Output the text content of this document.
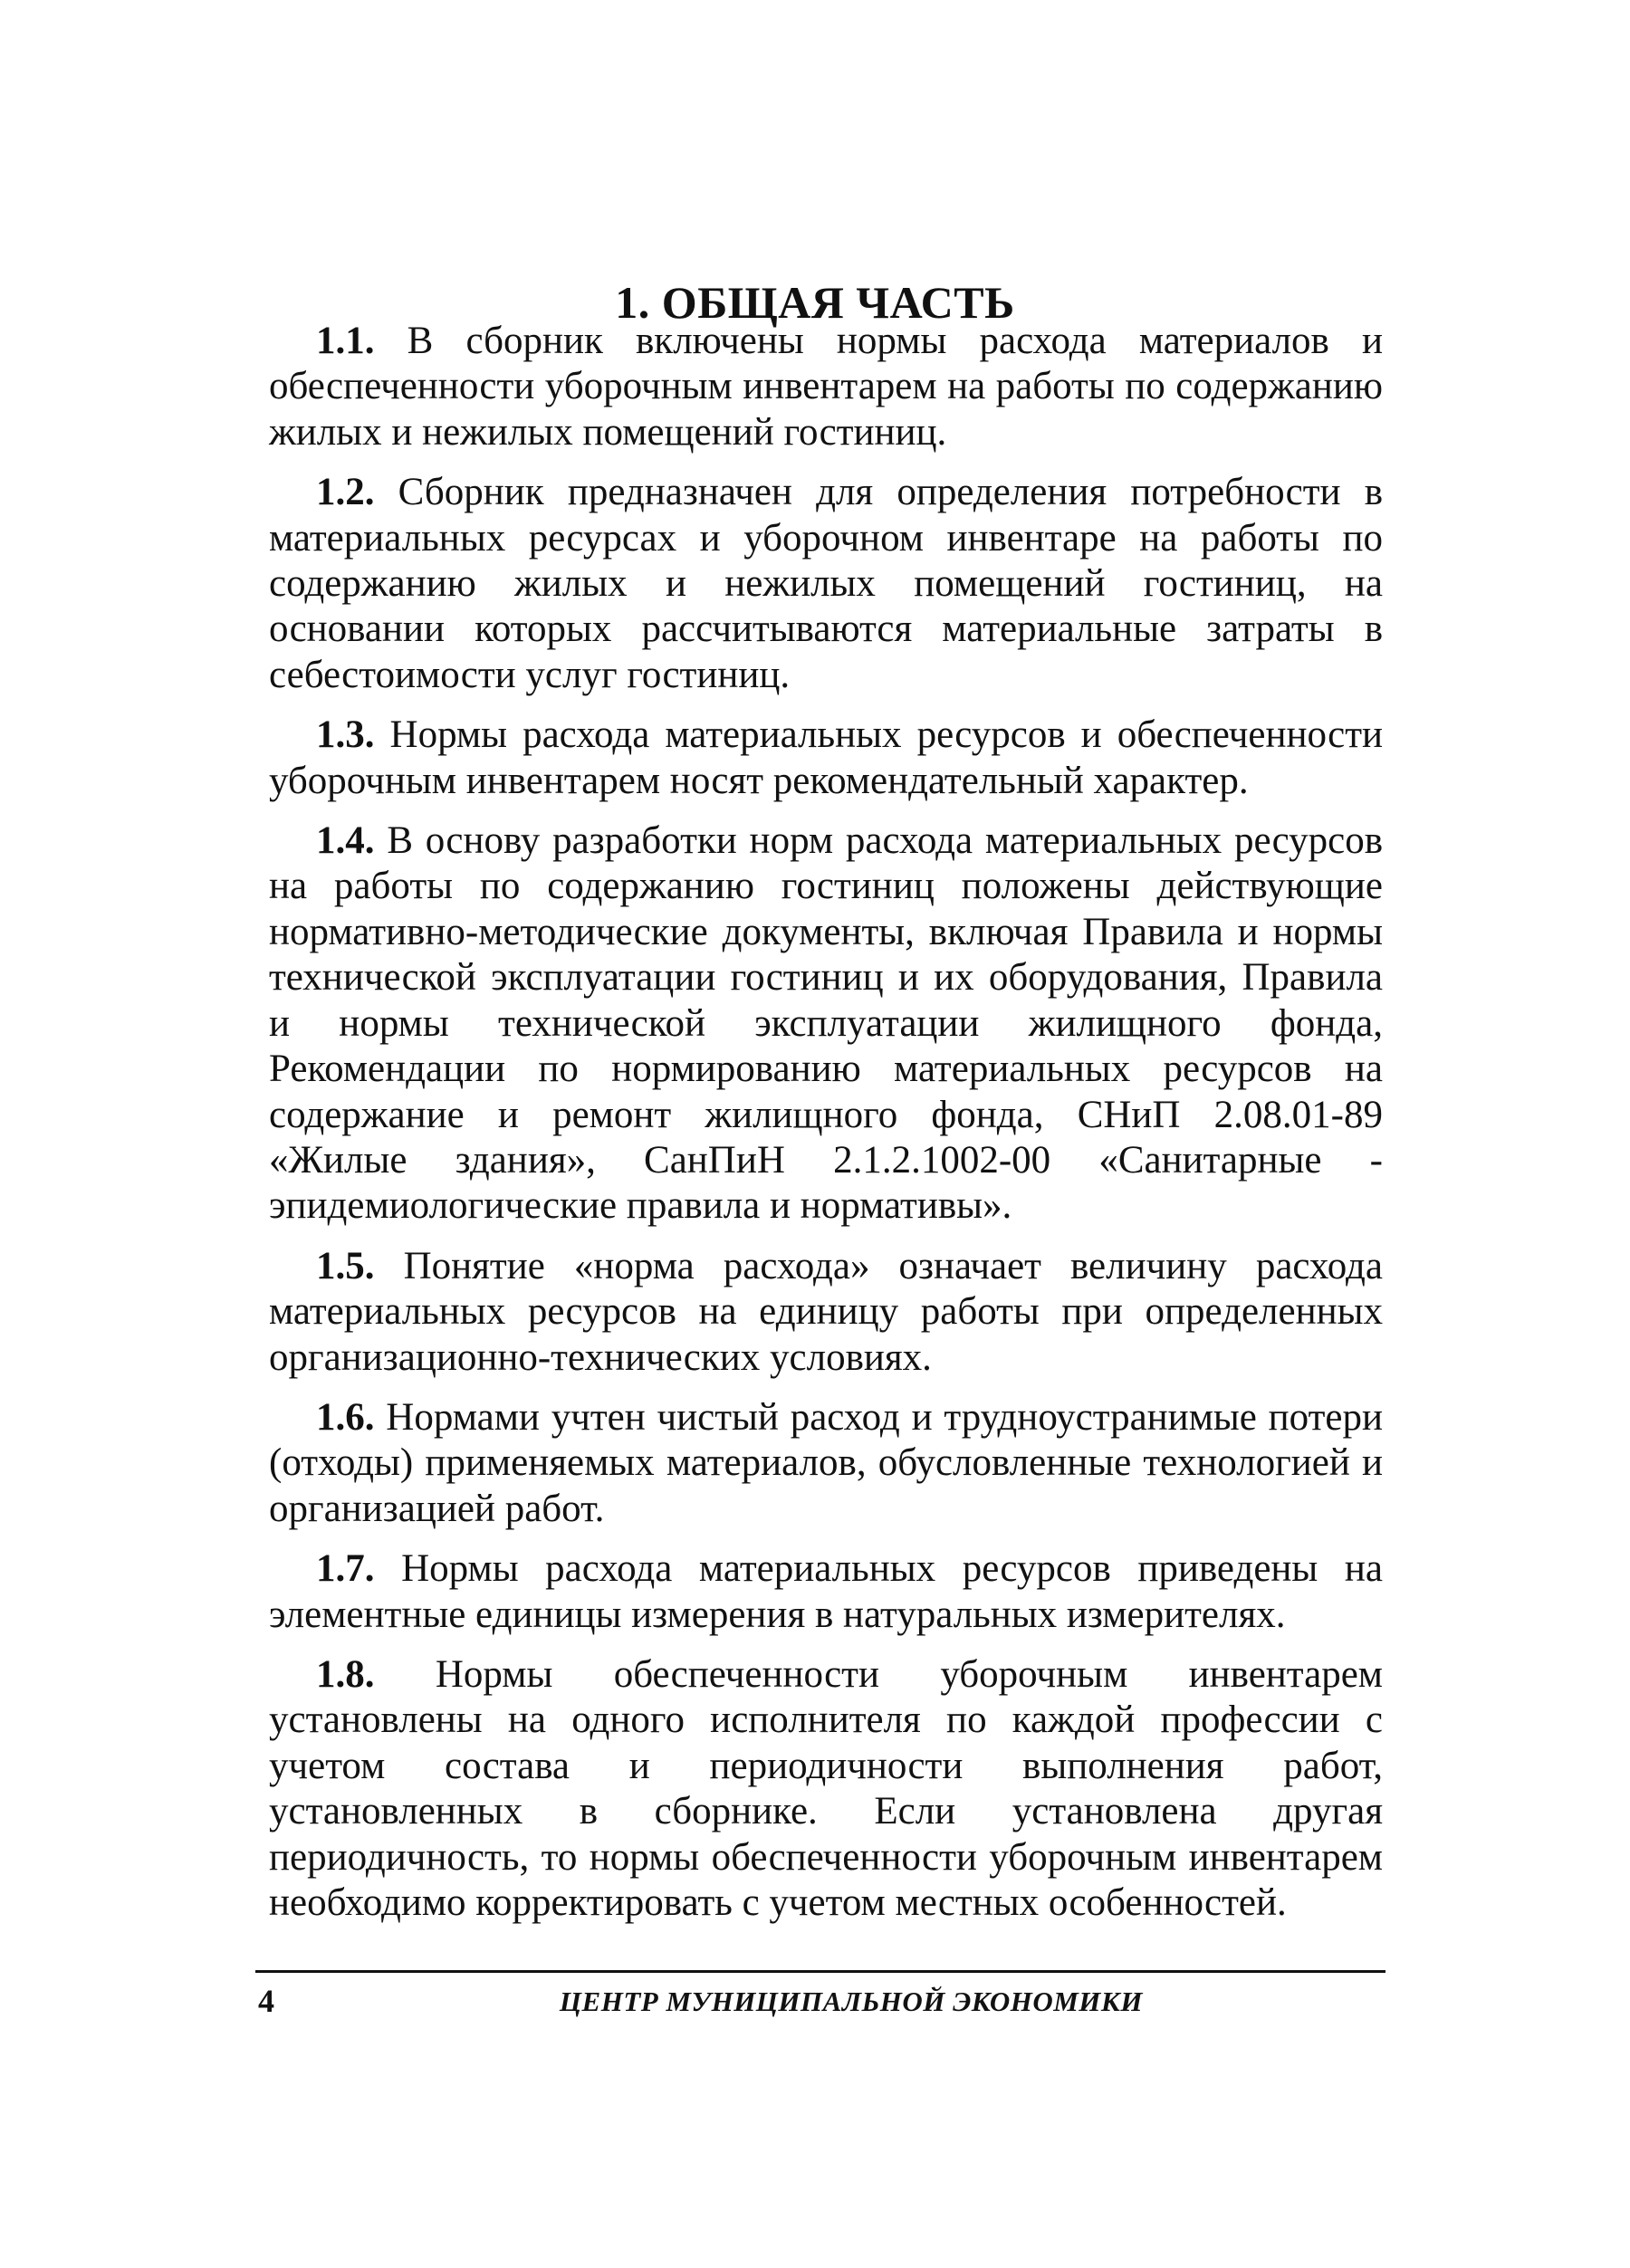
1. ОБЩАЯ ЧАСТЬ

1.1. В сборник включены нормы расхода материалов и обеспеченности уборочным инвентарем на работы по содержанию жилых и нежилых помещений гостиниц.

1.2. Сборник предназначен для определения потребности в материальных ресурсах и уборочном инвентаре на работы по содержанию жилых и нежилых помещений гостиниц, на основании которых рассчитываются материальные затраты в себестоимости услуг гостиниц.

1.3. Нормы расхода материальных ресурсов и обеспеченности уборочным инвентарем носят рекомендательный характер.

1.4. В основу разработки норм расхода материальных ресурсов на работы по содержанию гостиниц положены действующие нормативно-методические документы, включая Правила и нормы технической эксплуатации гостиниц и их оборудования, Правила и нормы технической эксплуатации жилищного фонда, Рекомендации по нормированию материальных ресурсов на содержание и ремонт жилищного фонда, СНиП 2.08.01-89 «Жилые здания», СанПиН 2.1.2.1002-00 «Санитарные - эпидемиологические правила и нормативы».

1.5. Понятие «норма расхода» означает величину расхода материальных ресурсов на единицу работы при определенных организационно-технических условиях.

1.6. Нормами учтен чистый расход и трудноустранимые потери (отходы) применяемых материалов, обусловленные технологией и организацией работ.

1.7. Нормы расхода материальных ресурсов приведены на элементные единицы измерения в натуральных измерителях.

1.8. Нормы обеспеченности уборочным инвентарем установлены на одного исполнителя по каждой профессии с учетом состава и периодичности выполнения работ, установленных в сборнике. Если установлена другая периодичность, то нормы обеспеченности уборочным инвентарем необходимо корректировать с учетом местных особенностей.

4	ЦЕНТР МУНИЦИПАЛЬНОЙ ЭКОНОМИКИ
